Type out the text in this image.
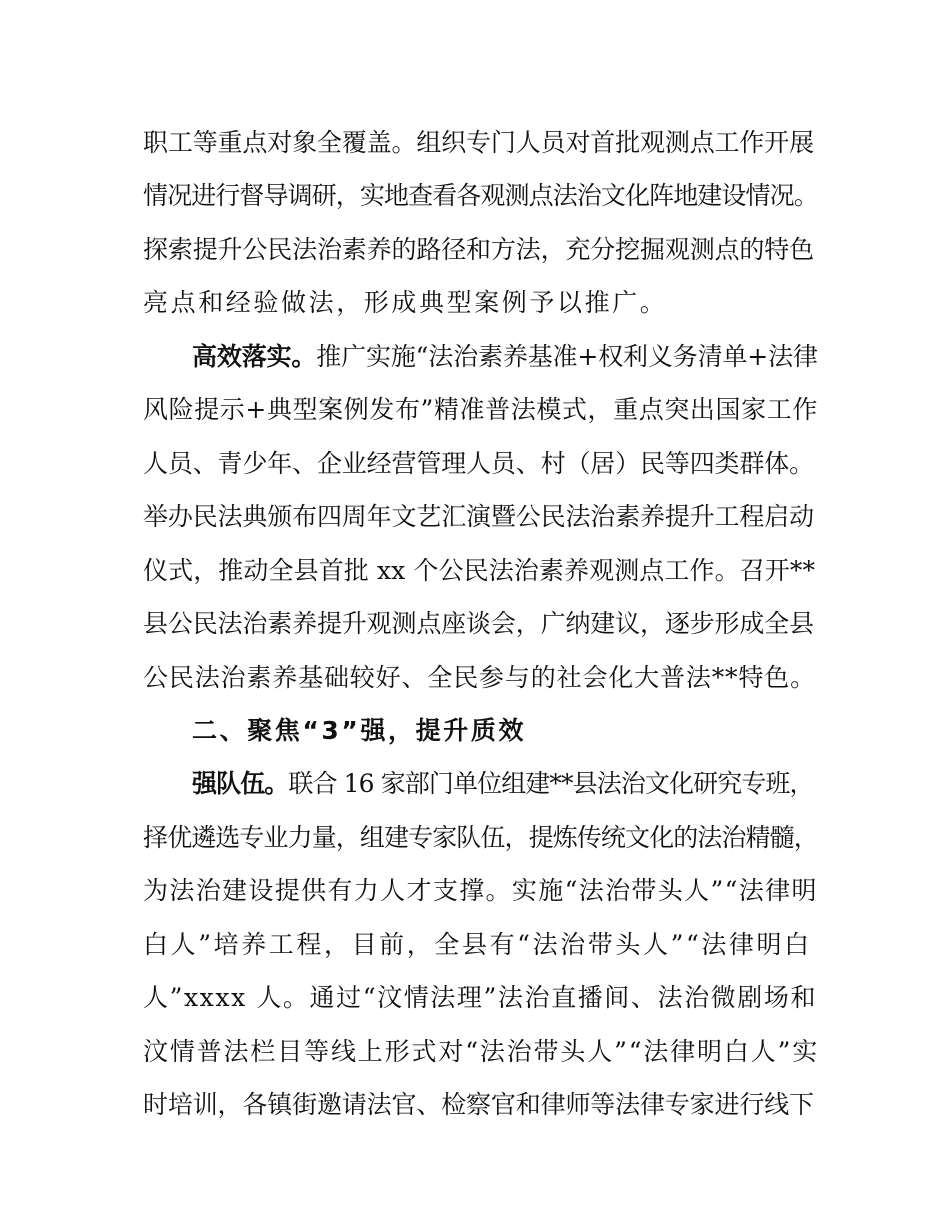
职工等重点对象全覆盖。组织专门人员对首批观测点工作开展
情况进行督导调研，实地查看各观测点法治文化阵地建设情况。
探索提升公民法治素养的路径和方法，充分挖掘观测点的特色
亮点和经验做法，形成典型案例予以推广。
高效落实。推广实施“法治素养基准+权利义务清单+法律
风险提示+典型案例发布”精准普法模式，重点突出国家工作
人员、青少年、企业经营管理人员、村（居）民等四类群体。
举办民法典颁布四周年文艺汇演暨公民法治素养提升工程启动
仪式，推动全县首批 xx 个公民法治素养观测点工作。召开**
县公民法治素养提升观测点座谈会，广纳建议，逐步形成全县
公民法治素养基础较好、全民参与的社会化大普法**特色。
二、聚焦“3”强，提升质效
强队伍。联合 16 家部门单位组建**县法治文化研究专班，
择优遴选专业力量，组建专家队伍，提炼传统文化的法治精髓，
为法治建设提供有力人才支撑。实施“法治带头人”“法律明
白人”培养工程，目前，全县有“法治带头人”“法律明白
人”xxxx 人。通过“汶情法理”法治直播间、法治微剧场和
汶情普法栏目等线上形式对“法治带头人”“法律明白人”实
时培训，各镇街邀请法官、检察官和律师等法律专家进行线下
